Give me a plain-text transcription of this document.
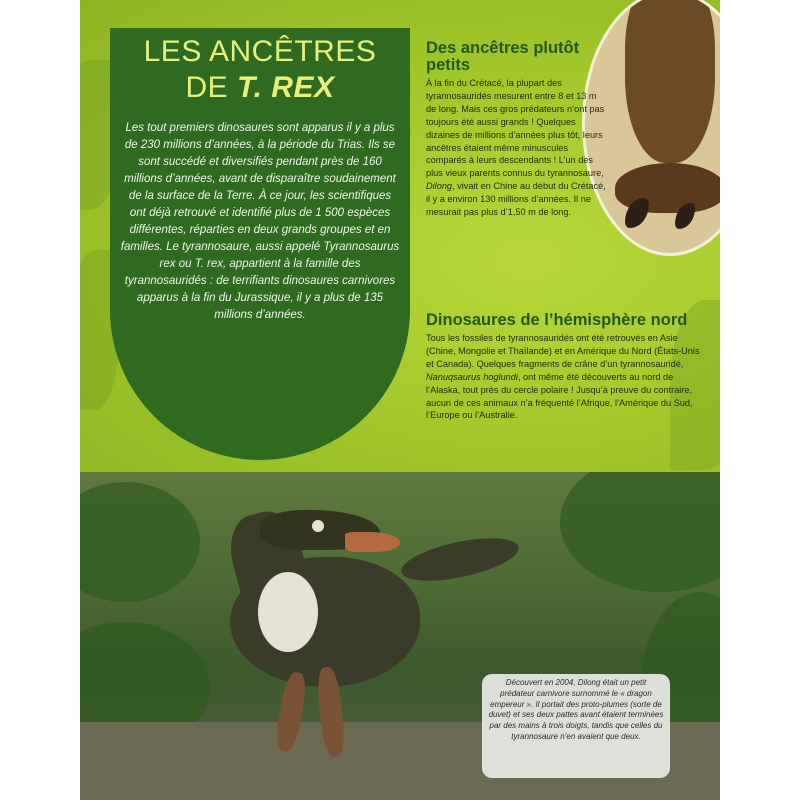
LES ANCÊTRES
DE T. REX

Les tout premiers dinosaures sont apparus il y a plus de 230 millions d’années, à la période du Trias. Ils se sont succédé et diversifiés pendant près de 160 millions d’années, avant de disparaître soudainement de la surface de la Terre. À ce jour, les scientifiques ont déjà retrouvé et identifié plus de 1 500 espèces différentes, réparties en deux grands groupes et en familles. Le tyrannosaure, aussi appelé Tyrannosaurus rex ou T. rex, appartient à la famille des tyrannosauridés : de terrifiants dinosaures carnivores apparus à la fin du Jurassique, il y a plus de 135 millions d’années.

Des ancêtres plutôt petits

À la fin du Crétacé, la plupart des tyrannosauridés mesurent entre 8 et 13 m de long. Mais ces gros prédateurs n’ont pas toujours été aussi grands ! Quelques dizaines de millions d’années plus tôt, leurs ancêtres étaient même minuscules comparés à leurs descendants ! L’un des plus vieux parents connus du tyrannosaure, Dilong, vivait en Chine au début du Crétacé, il y a environ 130 millions d’années. Il ne mesurait pas plus d’1,50 m de long.

Dinosaures de l’hémisphère nord

Tous les fossiles de tyrannosauridés ont été retrouvés en Asie (Chine, Mongolie et Thaïlande) et en Amérique du Nord (États-Unis et Canada). Quelques fragments de crâne d’un tyrannosauridé, Nanuqsaurus hoglundi, ont même été découverts au nord de l’Alaska, tout près du cercle polaire ! Jusqu’à preuve du contraire, aucun de ces animaux n’a fréquenté l’Afrique, l’Amérique du Sud, l’Europe ou l’Australie.

Découvert en 2004, Dilong était un petit prédateur carnivore surnommé le « dragon empereur ». Il portait des proto-plumes (sorte de duvet) et ses deux pattes avant étaient terminées par des mains à trois doigts, tandis que celles du tyrannosaure n’en avaient que deux.
